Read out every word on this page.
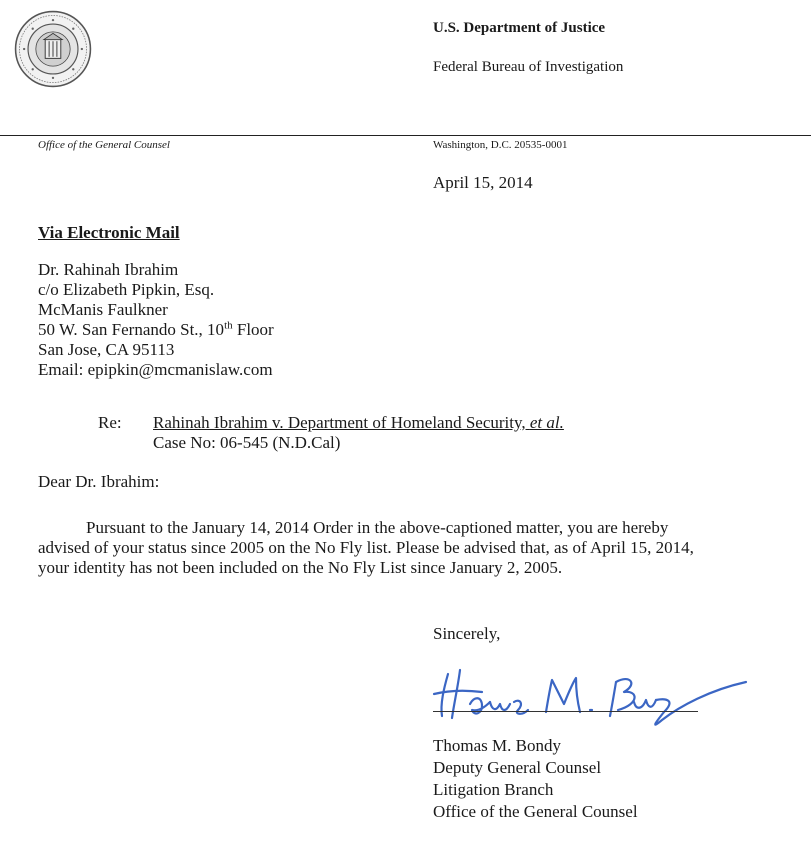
U.S. Department of Justice
Federal Bureau of Investigation
Office of the General Counsel	Washington, D.C. 20535-0001
April 15, 2014
Via Electronic Mail
Dr. Rahinah Ibrahim
c/o Elizabeth Pipkin, Esq.
McManis Faulkner
50 W. San Fernando St., 10th Floor
San Jose, CA 95113
Email: epipkin@mcmanislaw.com
Re: Rahinah Ibrahim v. Department of Homeland Security, et al.
Case No: 06-545 (N.D.Cal)
Dear Dr. Ibrahim:
Pursuant to the January 14, 2014 Order in the above-captioned matter, you are hereby
advised of your status since 2005 on the No Fly list. Please be advised that, as of April 15, 2014,
your identity has not been included on the No Fly List since January 2, 2005.
Sincerely,
Thomas M. Bondy
Deputy General Counsel
Litigation Branch
Office of the General Counsel
